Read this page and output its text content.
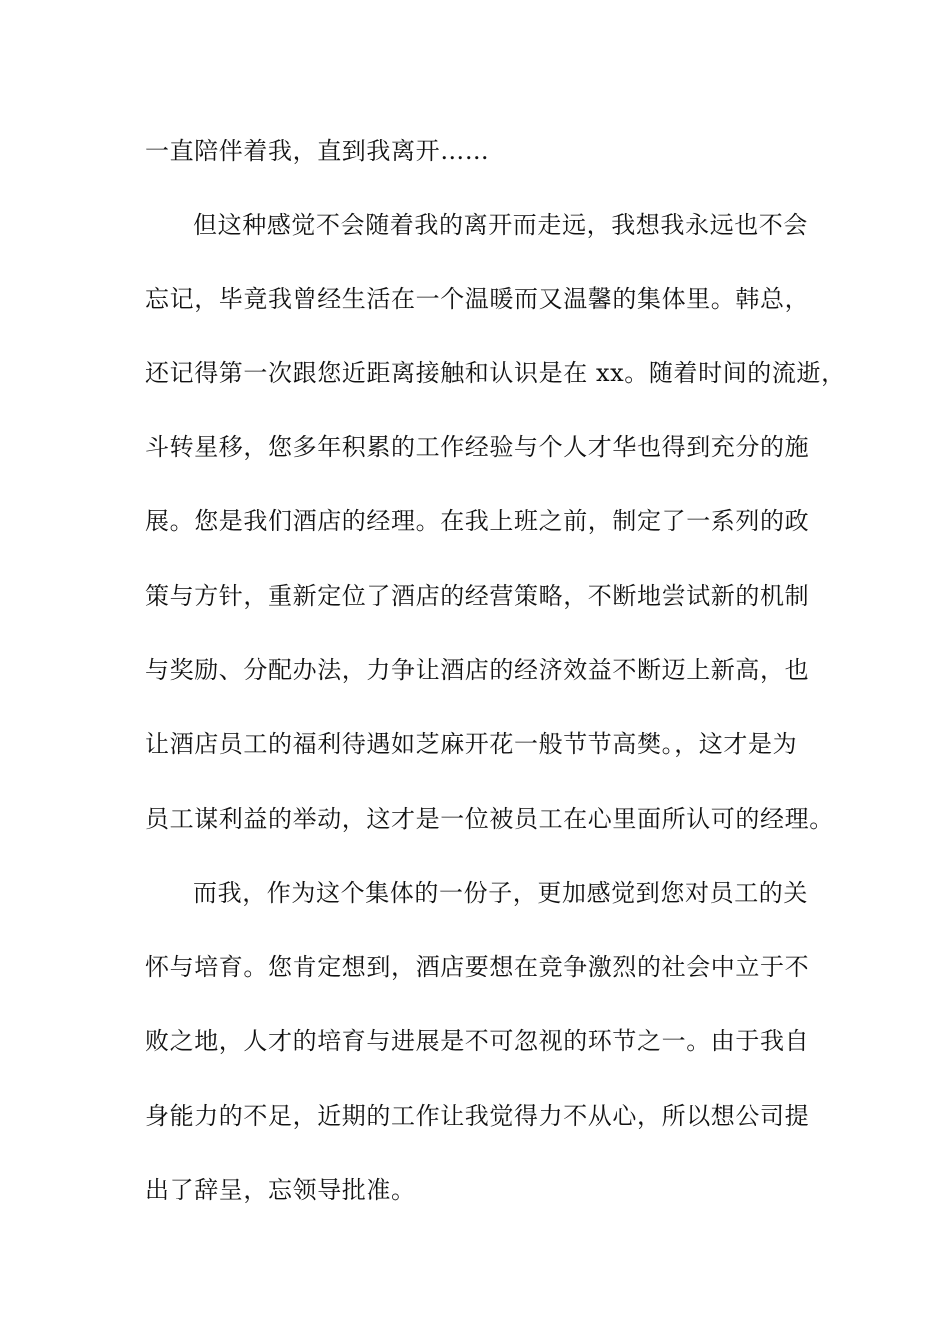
一直陪伴着我，直到我离开……
但这种感觉不会随着我的离开而走远，我想我永远也不会
忘记，毕竟我曾经生活在一个温暖而又温馨的集体里。韩总，
还记得第一次跟您近距离接触和认识是在 xx。随着时间的流逝，
斗转星移，您多年积累的工作经验与个人才华也得到充分的施
展。您是我们酒店的经理。在我上班之前，制定了一系列的政
策与方针，重新定位了酒店的经营策略，不断地尝试新的机制
与奖励、分配办法，力争让酒店的经济效益不断迈上新高，也
让酒店员工的福利待遇如芝麻开花一般节节高樊。，这才是为
员工谋利益的举动，这才是一位被员工在心里面所认可的经理。
而我，作为这个集体的一份子，更加感觉到您对员工的关
怀与培育。您肯定想到，酒店要想在竞争激烈的社会中立于不
败之地，人才的培育与进展是不可忽视的环节之一。由于我自
身能力的不足，近期的工作让我觉得力不从心，所以想公司提
出了辞呈，忘领导批准。
